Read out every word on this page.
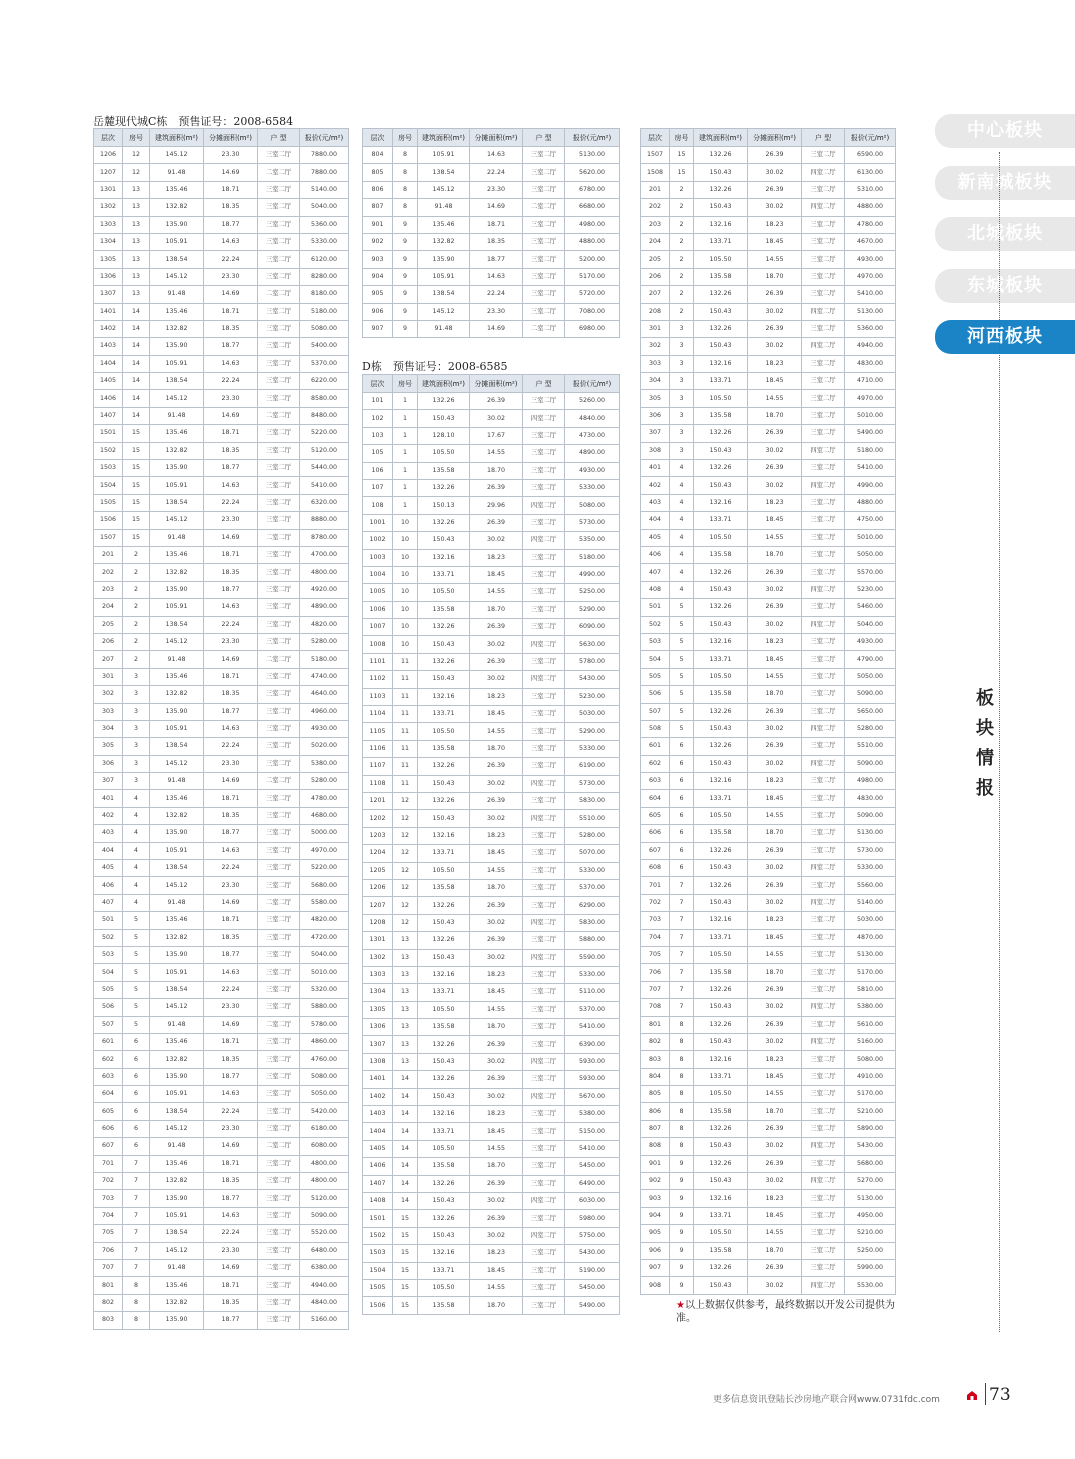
岳麓现代城C栋　预售证号：2008-6584
D栋　预售证号：2008-6585
层次	房号	建筑面积(m²)	分摊面积(m²)	户 型	报价(元/m²)
1206	12	145.12	23.30	三室二厅	7880.00
1207	12	91.48	14.69	二室二厅	7880.00
1301	13	135.46	18.71	三室二厅	5140.00
1302	13	132.82	18.35	三室二厅	5040.00
1303	13	135.90	18.77	三室二厅	5360.00
1304	13	105.91	14.63	三室二厅	5330.00
1305	13	138.54	22.24	三室二厅	6120.00
1306	13	145.12	23.30	三室二厅	8280.00
1307	13	91.48	14.69	二室二厅	8180.00
1401	14	135.46	18.71	三室二厅	5180.00
1402	14	132.82	18.35	三室二厅	5080.00
1403	14	135.90	18.77	三室二厅	5400.00
1404	14	105.91	14.63	三室二厅	5370.00
1405	14	138.54	22.24	三室二厅	6220.00
1406	14	145.12	23.30	三室二厅	8580.00
1407	14	91.48	14.69	二室二厅	8480.00
1501	15	135.46	18.71	三室二厅	5220.00
1502	15	132.82	18.35	三室二厅	5120.00
1503	15	135.90	18.77	三室二厅	5440.00
1504	15	105.91	14.63	三室二厅	5410.00
1505	15	138.54	22.24	三室二厅	6320.00
1506	15	145.12	23.30	三室二厅	8880.00
1507	15	91.48	14.69	二室二厅	8780.00
201	2	135.46	18.71	三室二厅	4700.00
202	2	132.82	18.35	三室二厅	4800.00
203	2	135.90	18.77	三室二厅	4920.00
204	2	105.91	14.63	三室二厅	4890.00
205	2	138.54	22.24	三室二厅	4820.00
206	2	145.12	23.30	三室二厅	5280.00
207	2	91.48	14.69	二室二厅	5180.00
301	3	135.46	18.71	三室二厅	4740.00
302	3	132.82	18.35	三室二厅	4640.00
303	3	135.90	18.77	三室二厅	4960.00
304	3	105.91	14.63	三室二厅	4930.00
305	3	138.54	22.24	三室二厅	5020.00
306	3	145.12	23.30	三室二厅	5380.00
307	3	91.48	14.69	二室二厅	5280.00
401	4	135.46	18.71	三室二厅	4780.00
402	4	132.82	18.35	三室二厅	4680.00
403	4	135.90	18.77	三室二厅	5000.00
404	4	105.91	14.63	三室二厅	4970.00
405	4	138.54	22.24	三室二厅	5220.00
406	4	145.12	23.30	三室二厅	5680.00
407	4	91.48	14.69	二室二厅	5580.00
501	5	135.46	18.71	三室二厅	4820.00
502	5	132.82	18.35	三室二厅	4720.00
503	5	135.90	18.77	三室二厅	5040.00
504	5	105.91	14.63	三室二厅	5010.00
505	5	138.54	22.24	三室二厅	5320.00
506	5	145.12	23.30	三室二厅	5880.00
507	5	91.48	14.69	二室二厅	5780.00
601	6	135.46	18.71	三室二厅	4860.00
602	6	132.82	18.35	三室二厅	4760.00
603	6	135.90	18.77	三室二厅	5080.00
604	6	105.91	14.63	三室二厅	5050.00
605	6	138.54	22.24	三室二厅	5420.00
606	6	145.12	23.30	三室二厅	6180.00
607	6	91.48	14.69	二室二厅	6080.00
701	7	135.46	18.71	三室二厅	4800.00
702	7	132.82	18.35	三室二厅	4800.00
703	7	135.90	18.77	三室二厅	5120.00
704	7	105.91	14.63	三室二厅	5090.00
705	7	138.54	22.24	三室二厅	5520.00
706	7	145.12	23.30	三室二厅	6480.00
707	7	91.48	14.69	二室二厅	6380.00
801	8	135.46	18.71	三室二厅	4940.00
802	8	132.82	18.35	三室二厅	4840.00
803	8	135.90	18.77	三室二厅	5160.00
层次	房号	建筑面积(m²)	分摊面积(m²)	户 型	报价(元/m²)
804	8	105.91	14.63	三室二厅	5130.00
805	8	138.54	22.24	三室二厅	5620.00
806	8	145.12	23.30	三室二厅	6780.00
807	8	91.48	14.69	二室二厅	6680.00
901	9	135.46	18.71	三室二厅	4980.00
902	9	132.82	18.35	三室二厅	4880.00
903	9	135.90	18.77	三室二厅	5200.00
904	9	105.91	14.63	三室二厅	5170.00
905	9	138.54	22.24	三室二厅	5720.00
906	9	145.12	23.30	三室二厅	7080.00
907	9	91.48	14.69	二室二厅	6980.00
层次	房号	建筑面积(m²)	分摊面积(m²)	户 型	报价(元/m²)
101	1	132.26	26.39	三室二厅	5260.00
102	1	150.43	30.02	四室二厅	4840.00
103	1	128.10	17.67	三室二厅	4730.00
105	1	105.50	14.55	三室二厅	4890.00
106	1	135.58	18.70	三室二厅	4930.00
107	1	132.26	26.39	三室二厅	5330.00
108	1	150.13	29.96	四室二厅	5080.00
1001	10	132.26	26.39	三室二厅	5730.00
1002	10	150.43	30.02	四室二厅	5350.00
1003	10	132.16	18.23	三室二厅	5180.00
1004	10	133.71	18.45	三室二厅	4990.00
1005	10	105.50	14.55	三室二厅	5250.00
1006	10	135.58	18.70	三室二厅	5290.00
1007	10	132.26	26.39	三室二厅	6090.00
1008	10	150.43	30.02	四室二厅	5630.00
1101	11	132.26	26.39	三室二厅	5780.00
1102	11	150.43	30.02	四室二厅	5430.00
1103	11	132.16	18.23	三室二厅	5230.00
1104	11	133.71	18.45	三室二厅	5030.00
1105	11	105.50	14.55	三室二厅	5290.00
1106	11	135.58	18.70	三室二厅	5330.00
1107	11	132.26	26.39	三室二厅	6190.00
1108	11	150.43	30.02	四室二厅	5730.00
1201	12	132.26	26.39	三室二厅	5830.00
1202	12	150.43	30.02	四室二厅	5510.00
1203	12	132.16	18.23	三室二厅	5280.00
1204	12	133.71	18.45	三室二厅	5070.00
1205	12	105.50	14.55	三室二厅	5330.00
1206	12	135.58	18.70	三室二厅	5370.00
1207	12	132.26	26.39	三室二厅	6290.00
1208	12	150.43	30.02	四室二厅	5830.00
1301	13	132.26	26.39	三室二厅	5880.00
1302	13	150.43	30.02	四室二厅	5590.00
1303	13	132.16	18.23	三室二厅	5330.00
1304	13	133.71	18.45	三室二厅	5110.00
1305	13	105.50	14.55	三室二厅	5370.00
1306	13	135.58	18.70	三室二厅	5410.00
1307	13	132.26	26.39	三室二厅	6390.00
1308	13	150.43	30.02	四室二厅	5930.00
1401	14	132.26	26.39	三室二厅	5930.00
1402	14	150.43	30.02	四室二厅	5670.00
1403	14	132.16	18.23	三室二厅	5380.00
1404	14	133.71	18.45	三室二厅	5150.00
1405	14	105.50	14.55	三室二厅	5410.00
1406	14	135.58	18.70	三室二厅	5450.00
1407	14	132.26	26.39	三室二厅	6490.00
1408	14	150.43	30.02	四室二厅	6030.00
1501	15	132.26	26.39	三室二厅	5980.00
1502	15	150.43	30.02	四室二厅	5750.00
1503	15	132.16	18.23	三室二厅	5430.00
1504	15	133.71	18.45	三室二厅	5190.00
1505	15	105.50	14.55	三室二厅	5450.00
1506	15	135.58	18.70	三室二厅	5490.00
层次	房号	建筑面积(m²)	分摊面积(m²)	户 型	报价(元/m²)
1507	15	132.26	26.39	三室二厅	6590.00
1508	15	150.43	30.02	四室二厅	6130.00
201	2	132.26	26.39	三室二厅	5310.00
202	2	150.43	30.02	四室二厅	4880.00
203	2	132.16	18.23	三室二厅	4780.00
204	2	133.71	18.45	三室二厅	4670.00
205	2	105.50	14.55	三室二厅	4930.00
206	2	135.58	18.70	三室二厅	4970.00
207	2	132.26	26.39	三室二厅	5410.00
208	2	150.43	30.02	四室二厅	5130.00
301	3	132.26	26.39	三室二厅	5360.00
302	3	150.43	30.02	四室二厅	4940.00
303	3	132.16	18.23	三室二厅	4830.00
304	3	133.71	18.45	三室二厅	4710.00
305	3	105.50	14.55	三室二厅	4970.00
306	3	135.58	18.70	三室二厅	5010.00
307	3	132.26	26.39	三室二厅	5490.00
308	3	150.43	30.02	四室二厅	5180.00
401	4	132.26	26.39	三室二厅	5410.00
402	4	150.43	30.02	四室二厅	4990.00
403	4	132.16	18.23	三室二厅	4880.00
404	4	133.71	18.45	三室二厅	4750.00
405	4	105.50	14.55	三室二厅	5010.00
406	4	135.58	18.70	三室二厅	5050.00
407	4	132.26	26.39	三室二厅	5570.00
408	4	150.43	30.02	四室二厅	5230.00
501	5	132.26	26.39	三室二厅	5460.00
502	5	150.43	30.02	四室二厅	5040.00
503	5	132.16	18.23	三室二厅	4930.00
504	5	133.71	18.45	三室二厅	4790.00
505	5	105.50	14.55	三室二厅	5050.00
506	5	135.58	18.70	三室二厅	5090.00
507	5	132.26	26.39	三室二厅	5650.00
508	5	150.43	30.02	四室二厅	5280.00
601	6	132.26	26.39	三室二厅	5510.00
602	6	150.43	30.02	四室二厅	5090.00
603	6	132.16	18.23	三室二厅	4980.00
604	6	133.71	18.45	三室二厅	4830.00
605	6	105.50	14.55	三室二厅	5090.00
606	6	135.58	18.70	三室二厅	5130.00
607	6	132.26	26.39	三室二厅	5730.00
608	6	150.43	30.02	四室二厅	5330.00
701	7	132.26	26.39	三室二厅	5560.00
702	7	150.43	30.02	四室二厅	5140.00
703	7	132.16	18.23	三室二厅	5030.00
704	7	133.71	18.45	三室二厅	4870.00
705	7	105.50	14.55	三室二厅	5130.00
706	7	135.58	18.70	三室二厅	5170.00
707	7	132.26	26.39	三室二厅	5810.00
708	7	150.43	30.02	四室二厅	5380.00
801	8	132.26	26.39	三室二厅	5610.00
802	8	150.43	30.02	四室二厅	5160.00
803	8	132.16	18.23	三室二厅	5080.00
804	8	133.71	18.45	三室二厅	4910.00
805	8	105.50	14.55	三室二厅	5170.00
806	8	135.58	18.70	三室二厅	5210.00
807	8	132.26	26.39	三室二厅	5890.00
808	8	150.43	30.02	四室二厅	5430.00
901	9	132.26	26.39	三室二厅	5680.00
902	9	150.43	30.02	四室二厅	5270.00
903	9	132.16	18.23	三室二厅	5130.00
904	9	133.71	18.45	三室二厅	4950.00
905	9	105.50	14.55	三室二厅	5210.00
906	9	135.58	18.70	三室二厅	5250.00
907	9	132.26	26.39	三室二厅	5990.00
908	9	150.43	30.02	四室二厅	5530.00
中心板块
新南城板块
北城板块
东城板块
河西板块
板
块
情
报
★以上数据仅供参考，最终数据以开发公司提供为准。
更多信息资讯登陆长沙房地产联合网www.0731fdc.com	73
